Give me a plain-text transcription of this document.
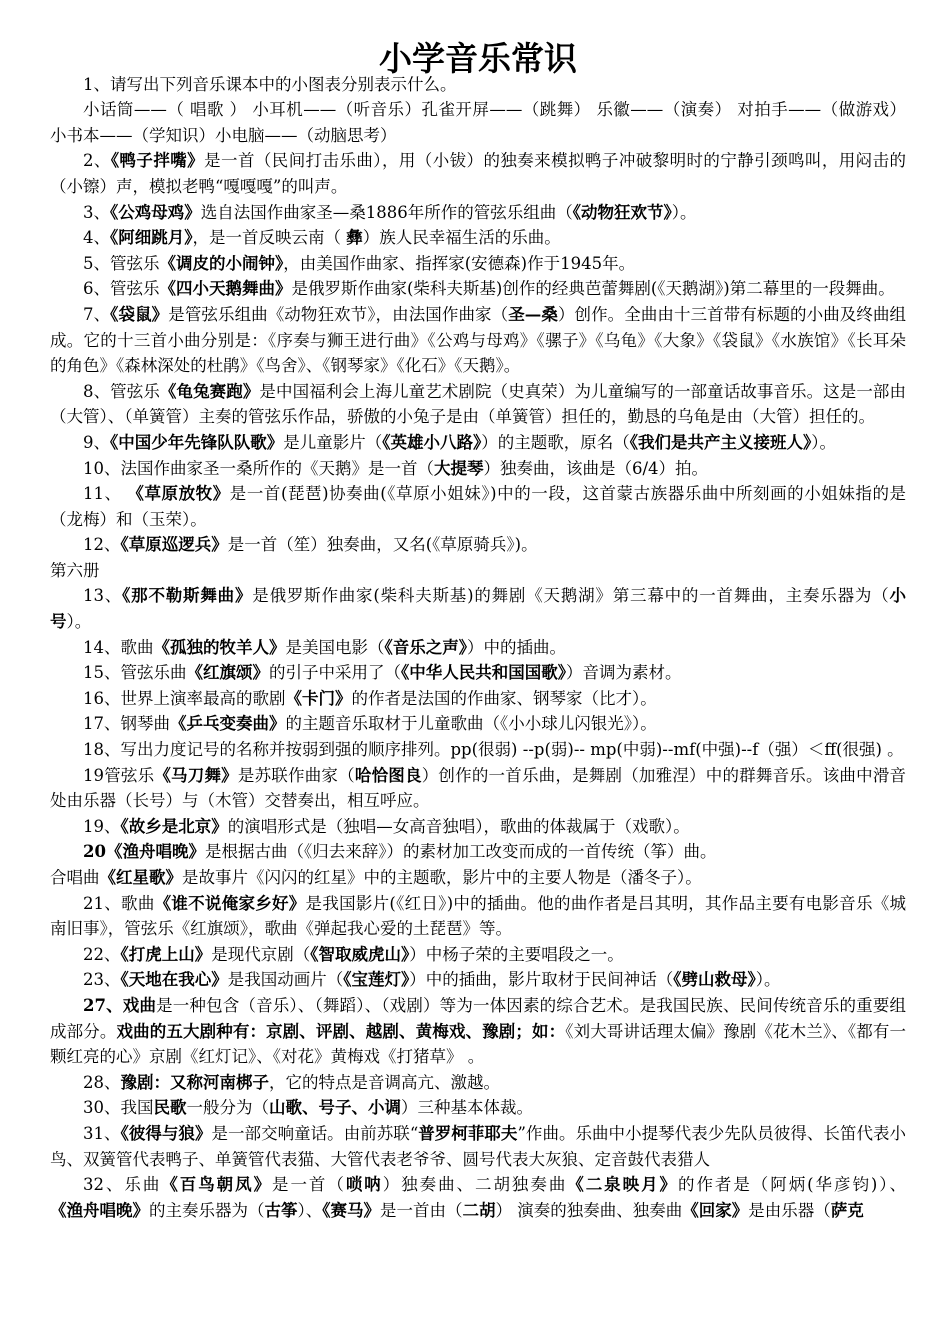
小学音乐常识

1、请写出下列音乐课本中的小图表分别表示什么。

小话筒——（ 唱歌 ） 小耳机——（听音乐）孔雀开屏——（跳舞） 乐徽——（演奏） 对拍手——（做游戏） 小书本——（学知识）小电脑——（动脑思考）

2、《鸭子拌嘴》是一首（民间打击乐曲），用（小钹）的独奏来模拟鸭子冲破黎明时的宁静引颈鸣叫，用闷击的（小镲）声，模拟老鸭“嘎嘎嘎”的叫声。

3、《公鸡母鸡》选自法国作曲家圣—桑1886年所作的管弦乐组曲（《动物狂欢节》）。

4、《阿细跳月》，是一首反映云南（ 彝）族人民幸福生活的乐曲。

5、管弦乐《调皮的小闹钟》，由美国作曲家、指挥家(安德森)作于1945年。

6、管弦乐《四小天鹅舞曲》是俄罗斯作曲家(柴科夫斯基)创作的经典芭蕾舞剧(《天鹅湖》)第二幕里的一段舞曲。

7、《袋鼠》是管弦乐组曲《动物狂欢节》，由法国作曲家（圣—桑）创作。全曲由十三首带有标题的小曲及终曲组成。它的十三首小曲分别是：《序奏与狮王进行曲》《公鸡与母鸡》《骡子》《乌龟》《大象》《袋鼠》《水族馆》《长耳朵的角色》《森林深处的杜鹃》《鸟舍》、《钢琴家》《化石》《天鹅》。

8、管弦乐《龟兔赛跑》是中国福利会上海儿童艺术剧院（史真荣）为儿童编写的一部童话故事音乐。这是一部由（大管）、（单簧管）主奏的管弦乐作品，骄傲的小兔子是由（单簧管）担任的，勤恳的乌龟是由（大管）担任的。

9、《中国少年先锋队队歌》是儿童影片（《英雄小八路》）的主题歌，原名（《我们是共产主义接班人》）。

10、法国作曲家圣一桑所作的《天鹅》是一首（大提琴）独奏曲，该曲是（6/4）拍。

11、 《草原放牧》是一首(琵琶)协奏曲(《草原小姐妹》)中的一段，这首蒙古族器乐曲中所刻画的小姐妹指的是（龙梅）和（玉荣）。

12、《草原巡逻兵》是一首（笙）独奏曲，又名(《草原骑兵》)。

第六册

13、《那不勒斯舞曲》是俄罗斯作曲家(柴科夫斯基)的舞剧《天鹅湖》第三幕中的一首舞曲，主奏乐器为（小号）。

14、歌曲《孤独的牧羊人》是美国电影（《音乐之声》）中的插曲。

15、管弦乐曲《红旗颂》的引子中采用了（《中华人民共和国国歌》）音调为素材。

16、世界上演率最高的歌剧《卡门》的作者是法国的作曲家、钢琴家（比才）。

17、钢琴曲《乒乓变奏曲》的主题音乐取材于儿童歌曲（《小小球儿闪银光》）。

18、写出力度记号的名称并按弱到强的顺序排列。pp(很弱) --p(弱)-- mp(中弱)--mf(中强)--f（强）＜ff(很强) 。

19管弦乐《马刀舞》是苏联作曲家（哈恰图良）创作的一首乐曲，是舞剧（加雅涅）中的群舞音乐。该曲中滑音处由乐器（长号）与（木管）交替奏出，相互呼应。

19、《故乡是北京》的演唱形式是（独唱—女高音独唱），歌曲的体裁属于（戏歌）。

20《渔舟唱晚》是根据古曲（《归去来辞》）的素材加工改变而成的一首传统（筝）曲。

合唱曲《红星歌》是故事片《闪闪的红星》中的主题歌，影片中的主要人物是（潘冬子）。

21、歌曲《谁不说俺家乡好》是我国影片(《红日》)中的插曲。他的曲作者是吕其明，其作品主要有电影音乐《城南旧事》，管弦乐《红旗颂》，歌曲《弹起我心爱的土琵琶》等。

22、《打虎上山》是现代京剧（《智取威虎山》）中杨子荣的主要唱段之一。

23、《天地在我心》是我国动画片（《宝莲灯》）中的插曲，影片取材于民间神话（《劈山救母》）。

27、戏曲是一种包含（音乐）、（舞蹈）、（戏剧）等为一体因素的综合艺术。是我国民族、民间传统音乐的重要组成部分。戏曲的五大剧种有：京剧、评剧、越剧、黄梅戏、豫剧；如：《刘大哥讲话理太偏》豫剧《花木兰》、《都有一颗红亮的心》京剧《红灯记》、《对花》黄梅戏《打猪草》 。

28、豫剧：又称河南梆子，它的特点是音调高亢、激越。

30、我国民歌一般分为（山歌、号子、小调）三种基本体裁。

31、《彼得与狼》是一部交响童话。由前苏联“普罗柯菲耶夫”作曲。乐曲中小提琴代表少先队员彼得、长笛代表小鸟、双簧管代表鸭子、单簧管代表猫、大管代表老爷爷、圆号代表大灰狼、定音鼓代表猎人

32、乐曲《百鸟朝凤》是一首（唢呐）独奏曲、二胡独奏曲《二泉映月》的作者是（阿炳(华彦钧)）、《渔舟唱晚》的主奏乐器为（古筝）、《赛马》是一首由（二胡） 演奏的独奏曲、独奏曲《回家》是由乐器（萨克
